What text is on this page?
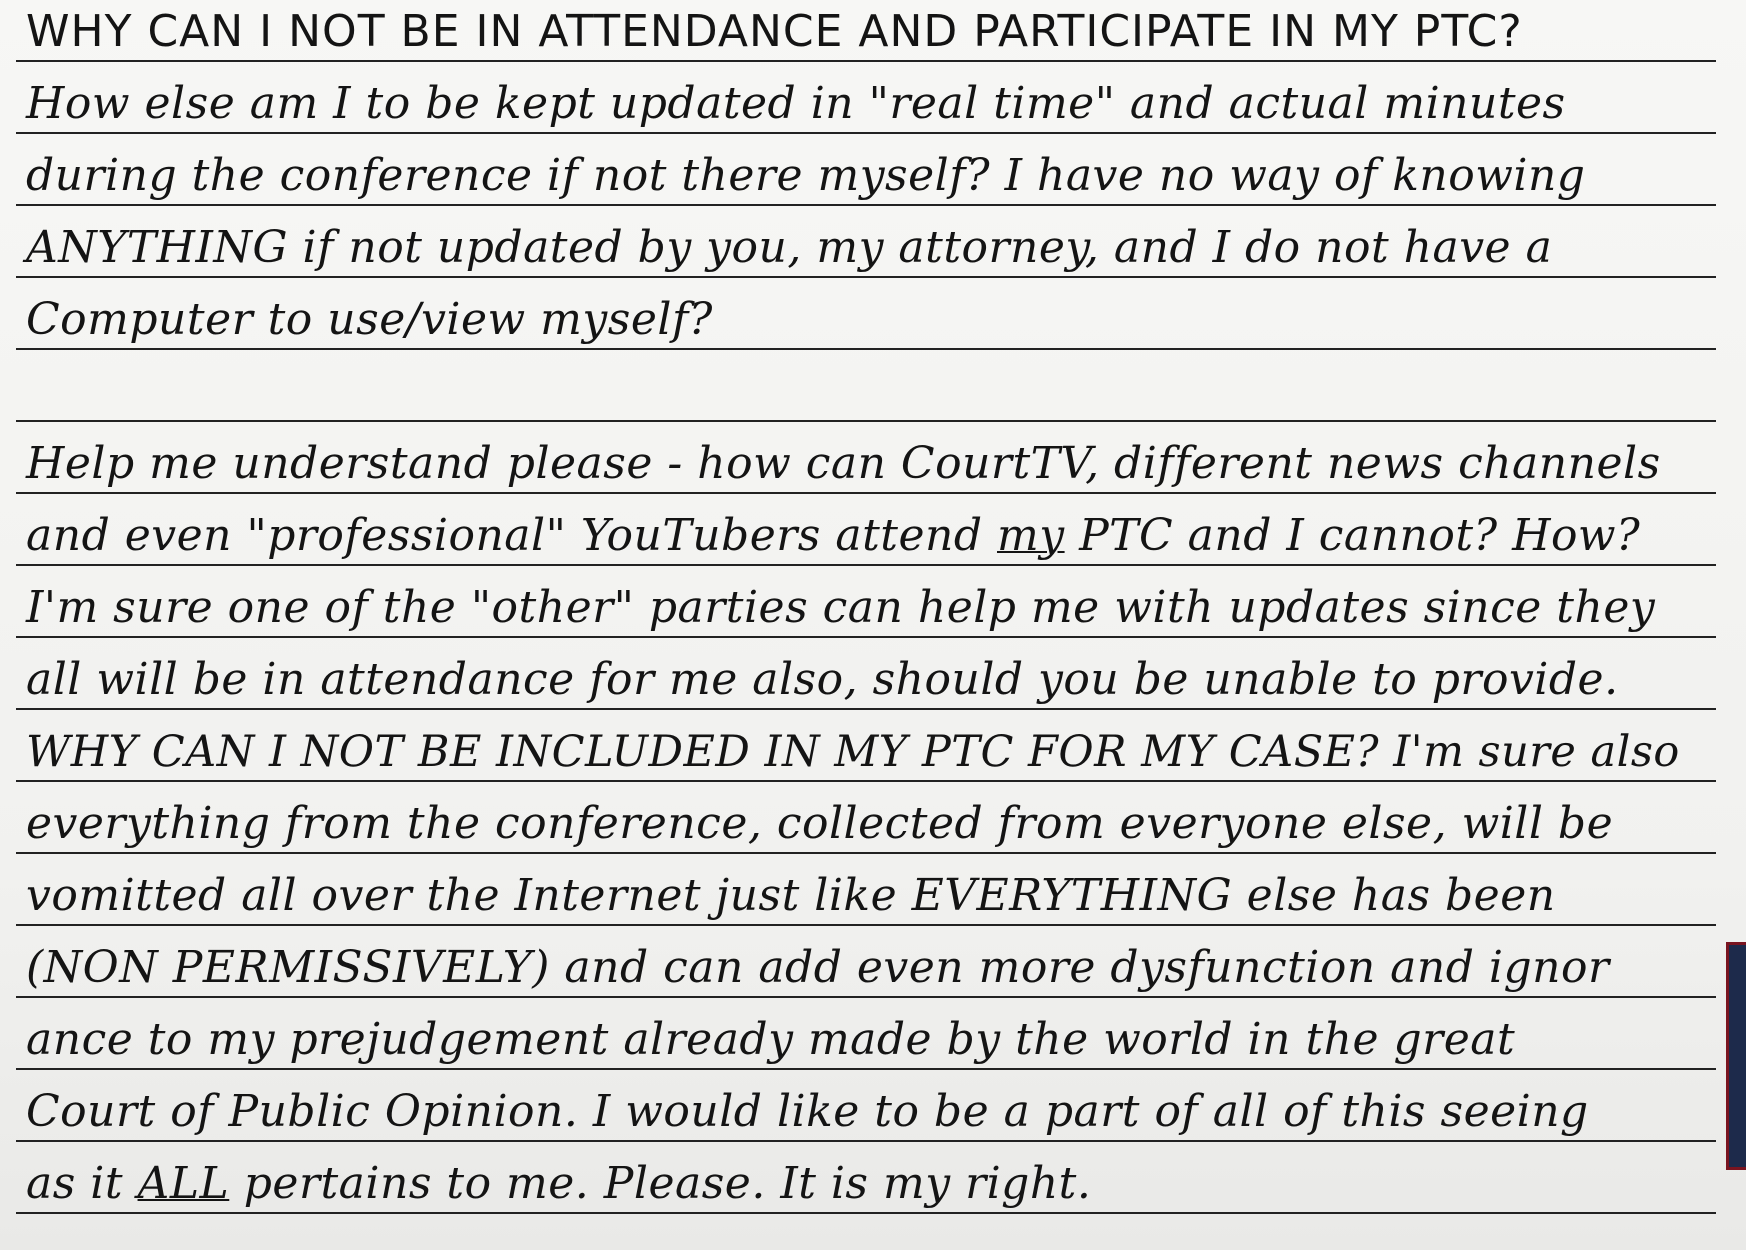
WHY CAN I NOT BE IN ATTENDANCE AND PARTICIPATE IN MY PTC?
How else am I to be kept updated in "real time" and actual minutes
during the conference if not there myself? I have no way of knowing
ANYTHING if not updated by you, my attorney, and I do not have a
Computer to use/view myself?
Help me understand please - how can CourtTV, different news channels
and even "professional" YouTubers attend my PTC and I cannot? How?
I'm sure one of the "other" parties can help me with updates since they
all will be in attendance for me also, should you be unable to provide.
WHY CAN I NOT BE INCLUDED IN MY PTC FOR MY CASE? I'm sure also
everything from the conference, collected from everyone else, will be
vomitted all over the Internet just like EVERYTHING else has been
(NON PERMISSIVELY) and can add even more dysfunction and ignor
ance to my prejudgement already made by the world in the great
Court of Public Opinion. I would like to be a part of all of this seeing
as it ALL pertains to me. Please. It is my right.
